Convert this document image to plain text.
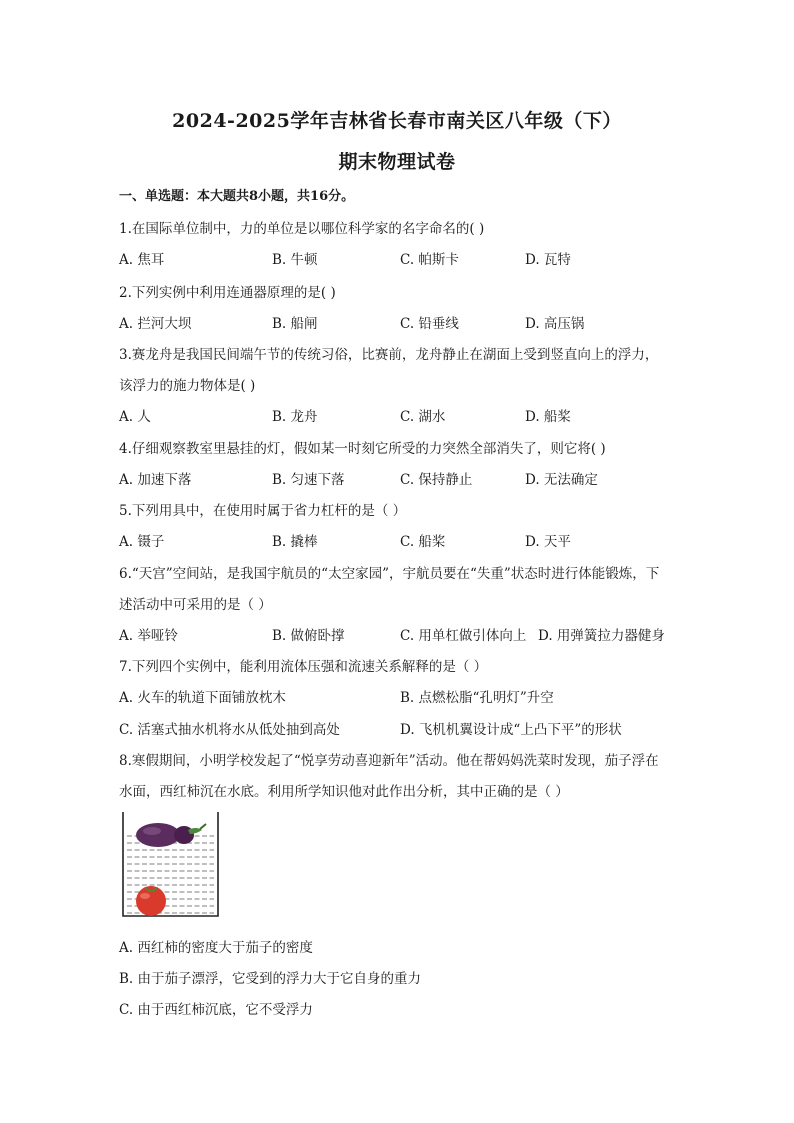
2024-2025学年吉林省长春市南关区八年级（下）
期末物理试卷
一、单选题：本大题共8小题，共16分。
1.在国际单位制中，力的单位是以哪位科学家的名字命名的( )
A. 焦耳	B. 牛顿	C. 帕斯卡	D. 瓦特
2.下列实例中利用连通器原理的是( )
A. 拦河大坝	B. 船闸	C. 铅垂线	D. 高压锅
3.赛龙舟是我国民间端午节的传统习俗，比赛前，龙舟静止在湖面上受到竖直向上的浮力，
该浮力的施力物体是( )
A. 人	B. 龙舟	C. 湖水	D. 船桨
4.仔细观察教室里悬挂的灯，假如某一时刻它所受的力突然全部消失了，则它将( )
A. 加速下落	B. 匀速下落	C. 保持静止	D. 无法确定
5.下列用具中，在使用时属于省力杠杆的是（ ）
A. 镊子	B. 撬棒	C. 船桨	D. 天平
6.“天宫”空间站，是我国宇航员的“太空家园”，宇航员要在“失重”状态时进行体能锻炼，下
述活动中可采用的是（ ）
A. 举哑铃	B. 做俯卧撑	C. 用单杠做引体向上 D. 用弹簧拉力器健身
7.下列四个实例中，能利用流体压强和流速关系解释的是（ ）
A. 火车的轨道下面铺放枕木	B. 点燃松脂“孔明灯”升空
C. 活塞式抽水机将水从低处抽到高处	D. 飞机机翼设计成“上凸下平”的形状
8.寒假期间，小明学校发起了“悦享劳动喜迎新年”活动。他在帮妈妈洗菜时发现，茄子浮在
水面，西红柿沉在水底。利用所学知识他对此作出分析，其中正确的是（ ）
A. 西红柿的密度大于茄子的密度
B. 由于茄子漂浮，它受到的浮力大于它自身的重力
C. 由于西红柿沉底，它不受浮力
